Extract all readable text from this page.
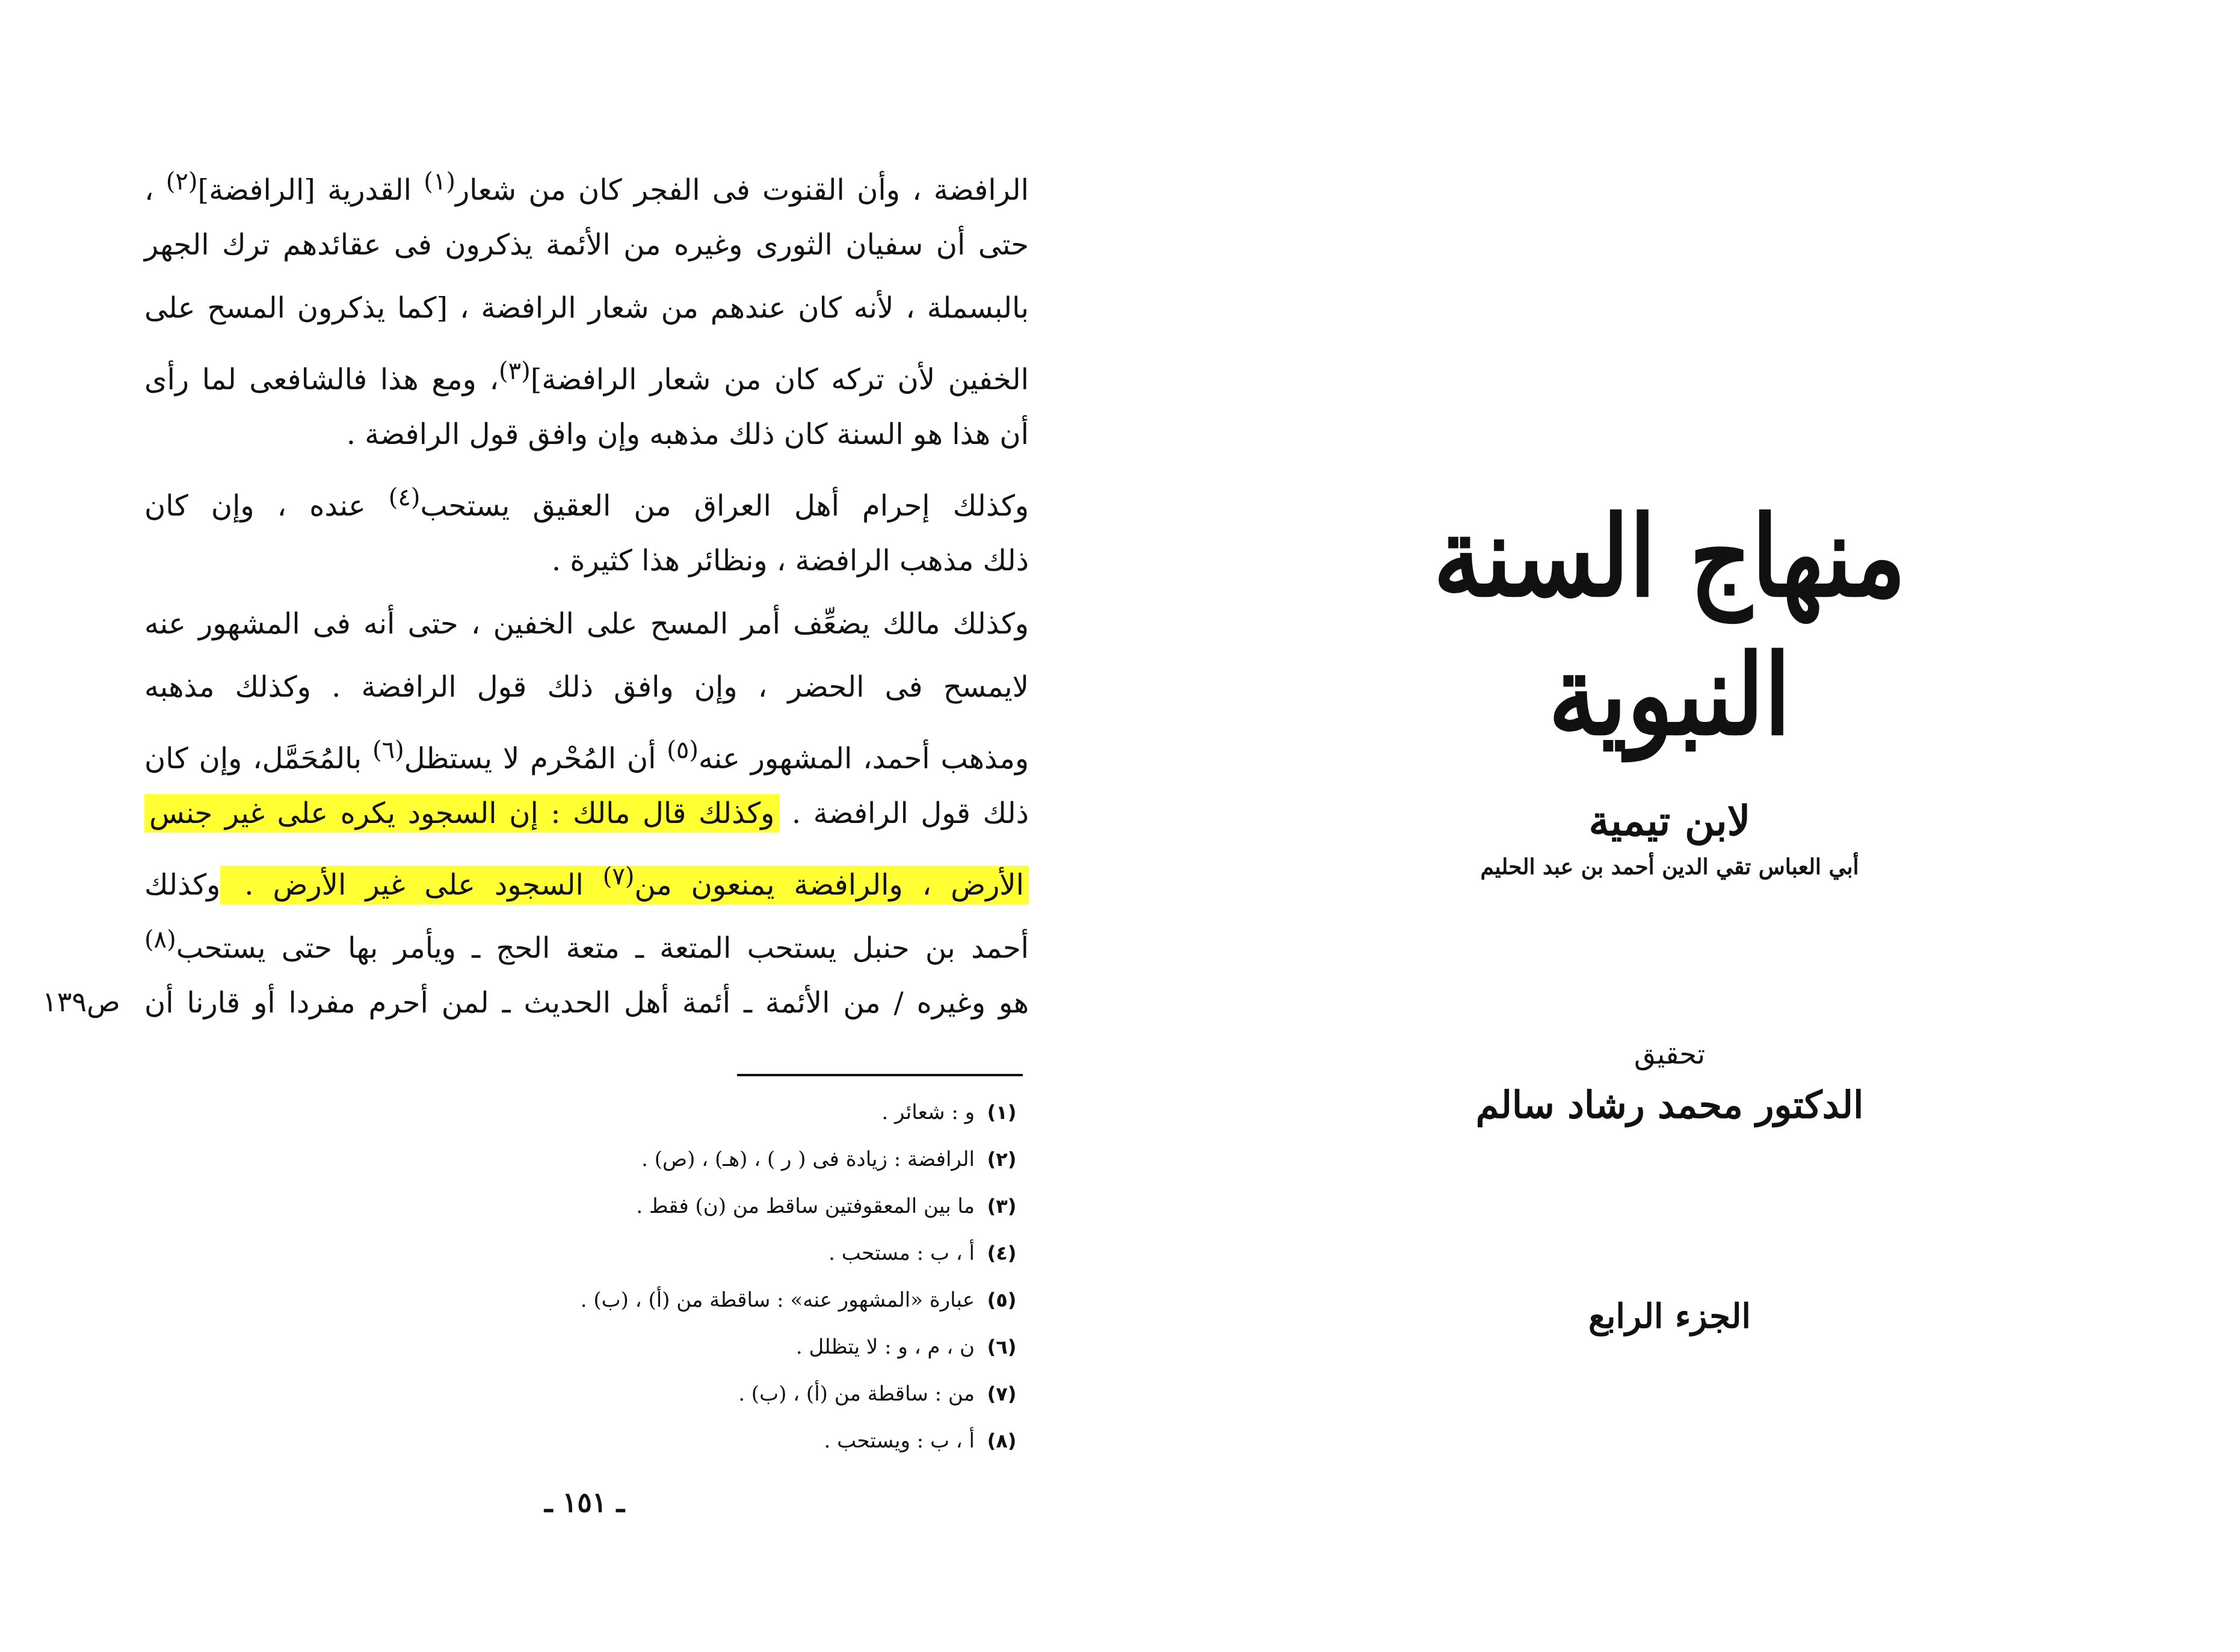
الرافضة ، وأن القنوت فى الفجر كان من شعار$^{(١)}$ القدرية [الرافضة]$^{(٢)}$ ،
حتى أن سفيان الثورى وغيره من الأئمة يذكرون فى عقائدهم ترك الجهر
بالبسملة ، لأنه كان عندهم من شعار الرافضة ، [كما يذكرون المسح على
الخفين لأن تركه كان من شعار الرافضة]$^{(٣)}$، ومع هذا فالشافعى لما رأى
أن هذا هو السنة كان ذلك مذهبه وإن وافق قول الرافضة .
وكذلك إحرام أهل العراق من العقيق يستحب$^{(٤)}$ عنده ، وإن كان
ذلك مذهب الرافضة ، ونظائر هذا كثيرة .
وكذلك مالك يضعِّف أمر المسح على الخفين ، حتى أنه فى المشهور عنه
لايمسح فى الحضر ، وإن وافق ذلك قول الرافضة . وكذلك مذهبه
ومذهب أحمد، المشهور عنه$^{(٥)}$ أن المُحْرم لا يستظل$^{(٦)}$ بالمُحَمَّل، وإن كان
ذلك قول الرافضة . وكذلك قال مالك : إن السجود يكره على غير جنس
الأرض ، والرافضة يمنعون من$^{(٧)}$ السجود على غير الأرض . وكذلك
أحمد بن حنبل يستحب المتعة ـ متعة الحج ـ ويأمر بها حتى يستحب$^{(٨)}$
هو وغيره / من الأئمة ـ أئمة أهل الحديث ـ لمن أحرم مفردا أو قارنا أن
ص١٣٩
(١)و : شعائر .
(٢)الرافضة : زيادة فى ( ر ) ، (هـ) ، (ص) .
(٣)ما بين المعقوفتين ساقط من (ن) فقط .
(٤)أ ، ب : مستحب .
(٥)عبارة «المشهور عنه» : ساقطة من (أ) ، (ب) .
(٦)ن ، م ، و : لا يتظلل .
(٧)من : ساقطة من (أ) ، (ب) .
(٨)أ ، ب : ويستحب .
ـ ١٥١ ـ
منهاج السنة النبوية
لابن تيمية
أبي العباس تقي الدين أحمد بن عبد الحليم
تحقيق
الدكتور محمد رشاد سالم
الجزء الرابع
